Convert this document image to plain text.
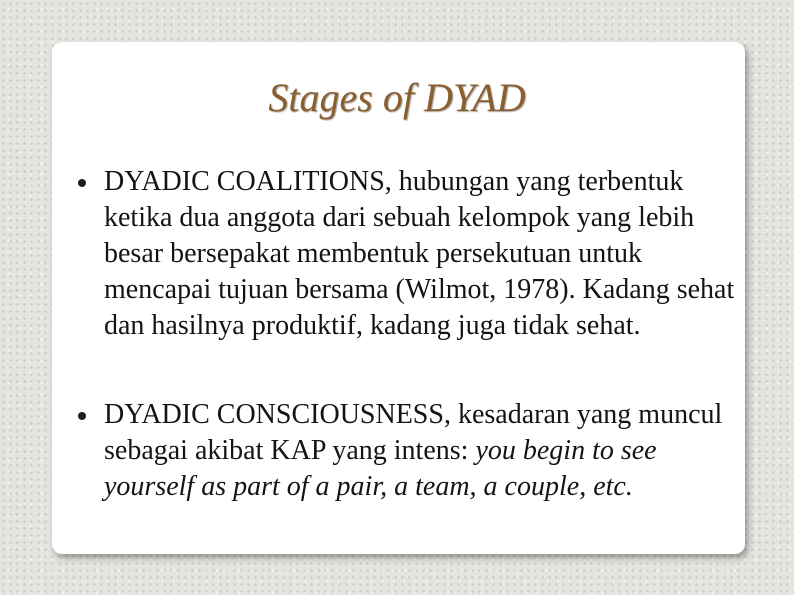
Stages of DYAD
DYADIC COALITIONS, hubungan yang terbentuk ketika dua anggota dari sebuah kelompok yang lebih besar bersepakat membentuk persekutuan untuk mencapai tujuan bersama (Wilmot, 1978). Kadang sehat dan hasilnya produktif, kadang juga tidak sehat.
DYADIC CONSCIOUSNESS, kesadaran yang muncul sebagai akibat KAP yang intens: you begin to see yourself as part of a pair, a team, a couple, etc.
